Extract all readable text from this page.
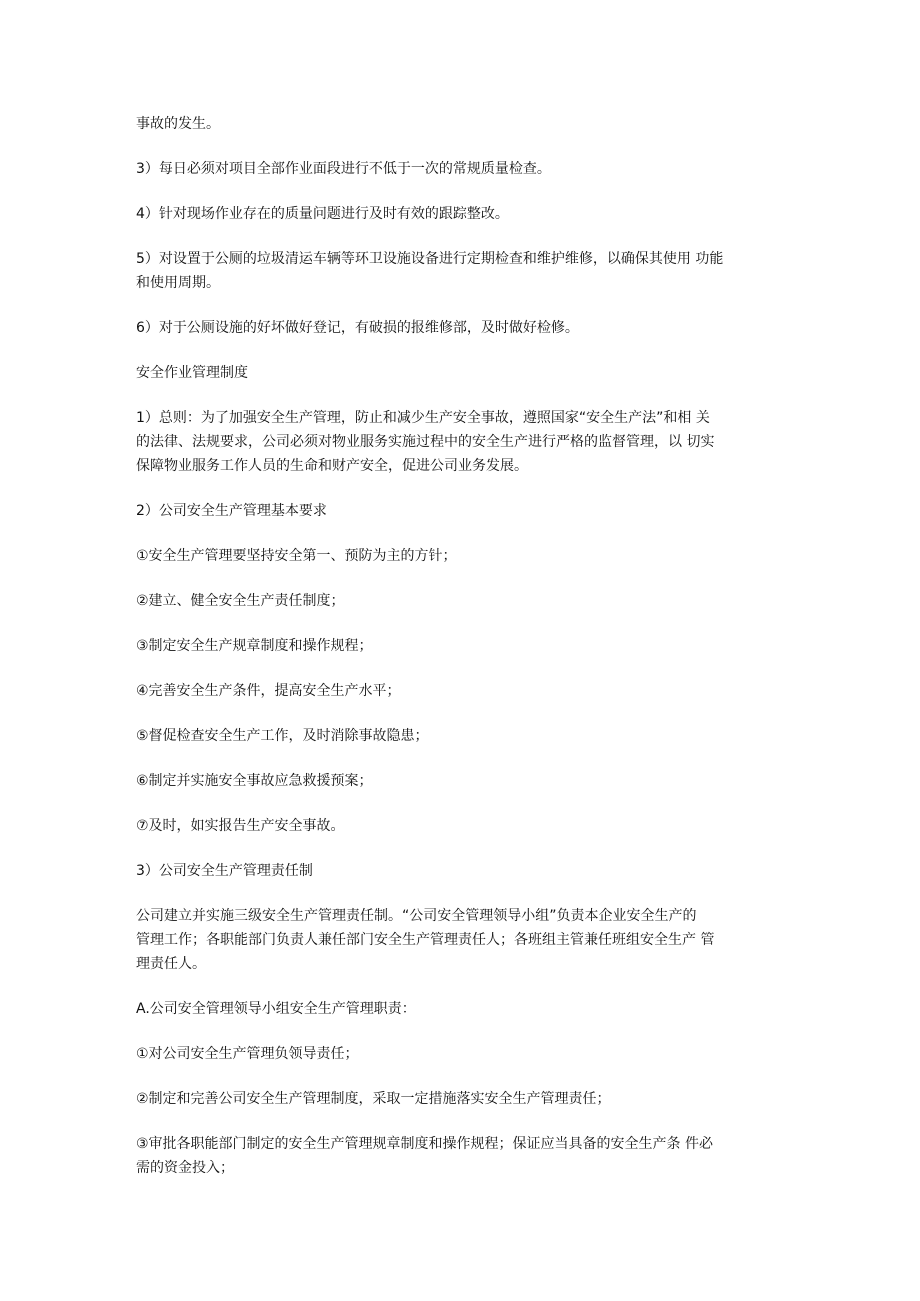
事故的发生。

3）每日必须对项目全部作业面段进行不低于一次的常规质量检查。

4）针对现场作业存在的质量问题进行及时有效的跟踪整改。

5）对设置于公厕的垃圾清运车辆等环卫设施设备进行定期检查和维护维修，以确保其使用 功能
和使用周期。

6）对于公厕设施的好坏做好登记，有破损的报维修部，及时做好检修。

安全作业管理制度

1）总则：为了加强安全生产管理，防止和减少生产安全事故，遵照国家“安全生产法”和相 关
的法律、法规要求，公司必须对物业服务实施过程中的安全生产进行严格的监督管理，以 切实
保障物业服务工作人员的生命和财产安全，促进公司业务发展。

2）公司安全生产管理基本要求

①安全生产管理要坚持安全第一、预防为主的方针；

②建立、健全安全生产责任制度；

③制定安全生产规章制度和操作规程；

④完善安全生产条件，提高安全生产水平；

⑤督促检查安全生产工作，及时消除事故隐患；

⑥制定并实施安全事故应急救援预案；

⑦及时，如实报告生产安全事故。

3）公司安全生产管理责任制

公司建立并实施三级安全生产管理责任制。“公司安全管理领导小组”负责本企业安全生产的
管理工作；各职能部门负责人兼任部门安全生产管理责任人；各班组主管兼任班组安全生产 管
理责任人。

A.公司安全管理领导小组安全生产管理职责：

①对公司安全生产管理负领导责任；

②制定和完善公司安全生产管理制度，采取一定措施落实安全生产管理责任；

③审批各职能部门制定的安全生产管理规章制度和操作规程；保证应当具备的安全生产条 件必
需的资金投入；
